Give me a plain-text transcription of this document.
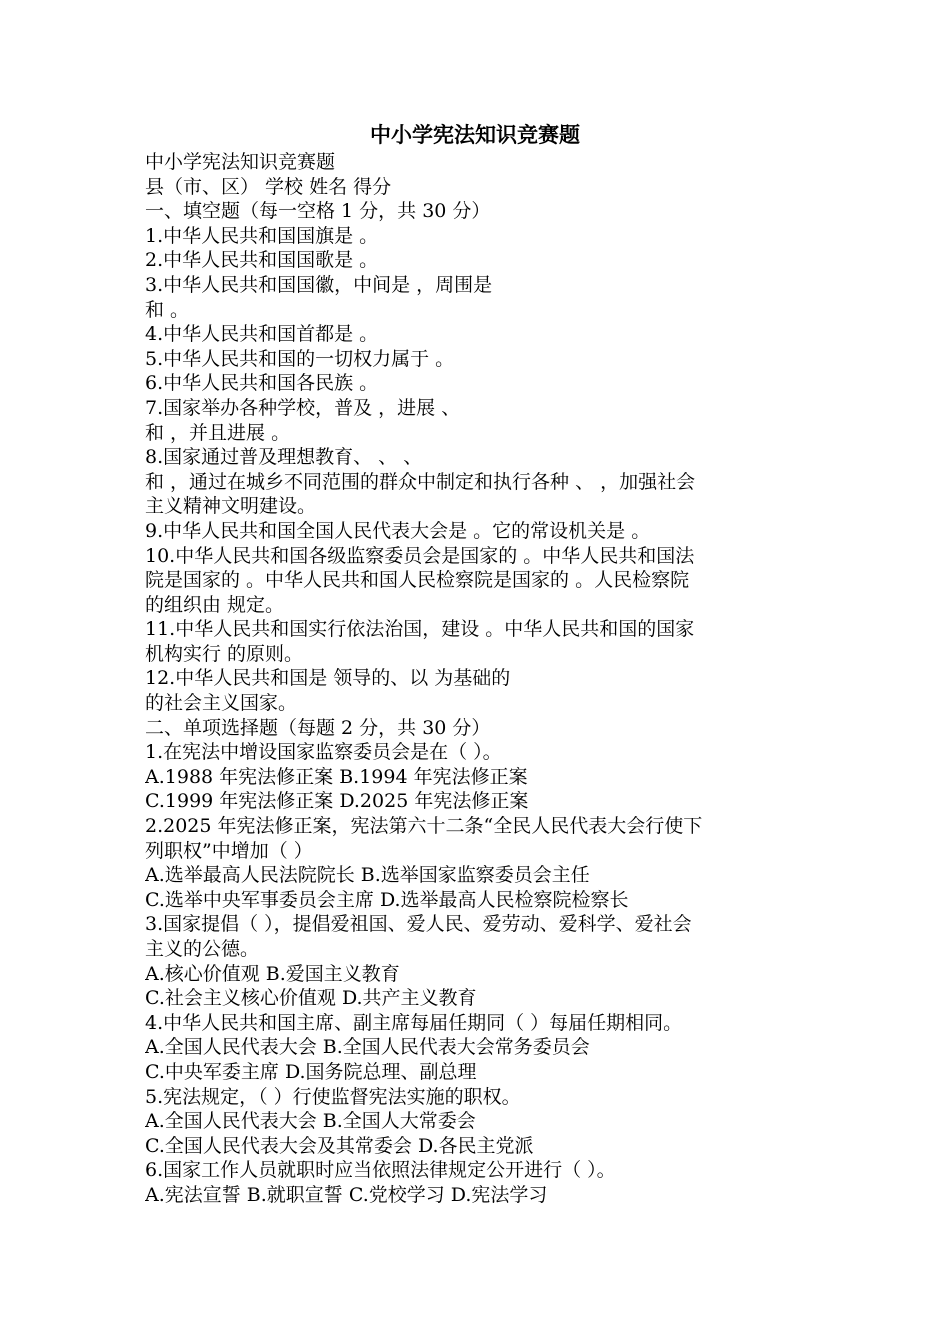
中小学宪法知识竞赛题
中小学宪法知识竞赛题
县（市、区） 学校 姓名 得分
一、填空题（每一空格 1 分，共 30 分）
1.中华人民共和国国旗是 。
2.中华人民共和国国歌是 。
3.中华人民共和国国徽，中间是 ，周围是
和 。
4.中华人民共和国首都是 。
5.中华人民共和国的一切权力属于 。
6.中华人民共和国各民族 。
7.国家举办各种学校，普及 ，进展 、
和 ，并且进展 。
8.国家通过普及理想教育、 、 、
和 ，通过在城乡不同范围的群众中制定和执行各种 、 ，加强社会
主义精神文明建设。
9.中华人民共和国全国人民代表大会是 。它的常设机关是 。
10.中华人民共和国各级监察委员会是国家的 。中华人民共和国法
院是国家的 。中华人民共和国人民检察院是国家的 。人民检察院
的组织由 规定。
11.中华人民共和国实行依法治国，建设 。中华人民共和国的国家
机构实行 的原则。
12.中华人民共和国是 领导的、以 为基础的
的社会主义国家。
二、单项选择题（每题 2 分，共 30 分）
1.在宪法中增设国家监察委员会是在（ ）。
A.1988 年宪法修正案 B.1994 年宪法修正案
C.1999 年宪法修正案 D.2025 年宪法修正案
2.2025 年宪法修正案，宪法第六十二条“全民人民代表大会行使下
列职权”中增加（ ）
A.选举最高人民法院院长 B.选举国家监察委员会主任
C.选举中央军事委员会主席 D.选举最高人民检察院检察长
3.国家提倡（ ），提倡爱祖国、爱人民、爱劳动、爱科学、爱社会
主义的公德。
A.核心价值观 B.爱国主义教育
C.社会主义核心价值观 D.共产主义教育
4.中华人民共和国主席、副主席每届任期同（ ）每届任期相同。
A.全国人民代表大会 B.全国人民代表大会常务委员会
C.中央军委主席 D.国务院总理、副总理
5.宪法规定，（ ）行使监督宪法实施的职权。
A.全国人民代表大会 B.全国人大常委会
C.全国人民代表大会及其常委会 D.各民主党派
6.国家工作人员就职时应当依照法律规定公开进行（ ）。
A.宪法宣誓 B.就职宣誓 C.党校学习 D.宪法学习
